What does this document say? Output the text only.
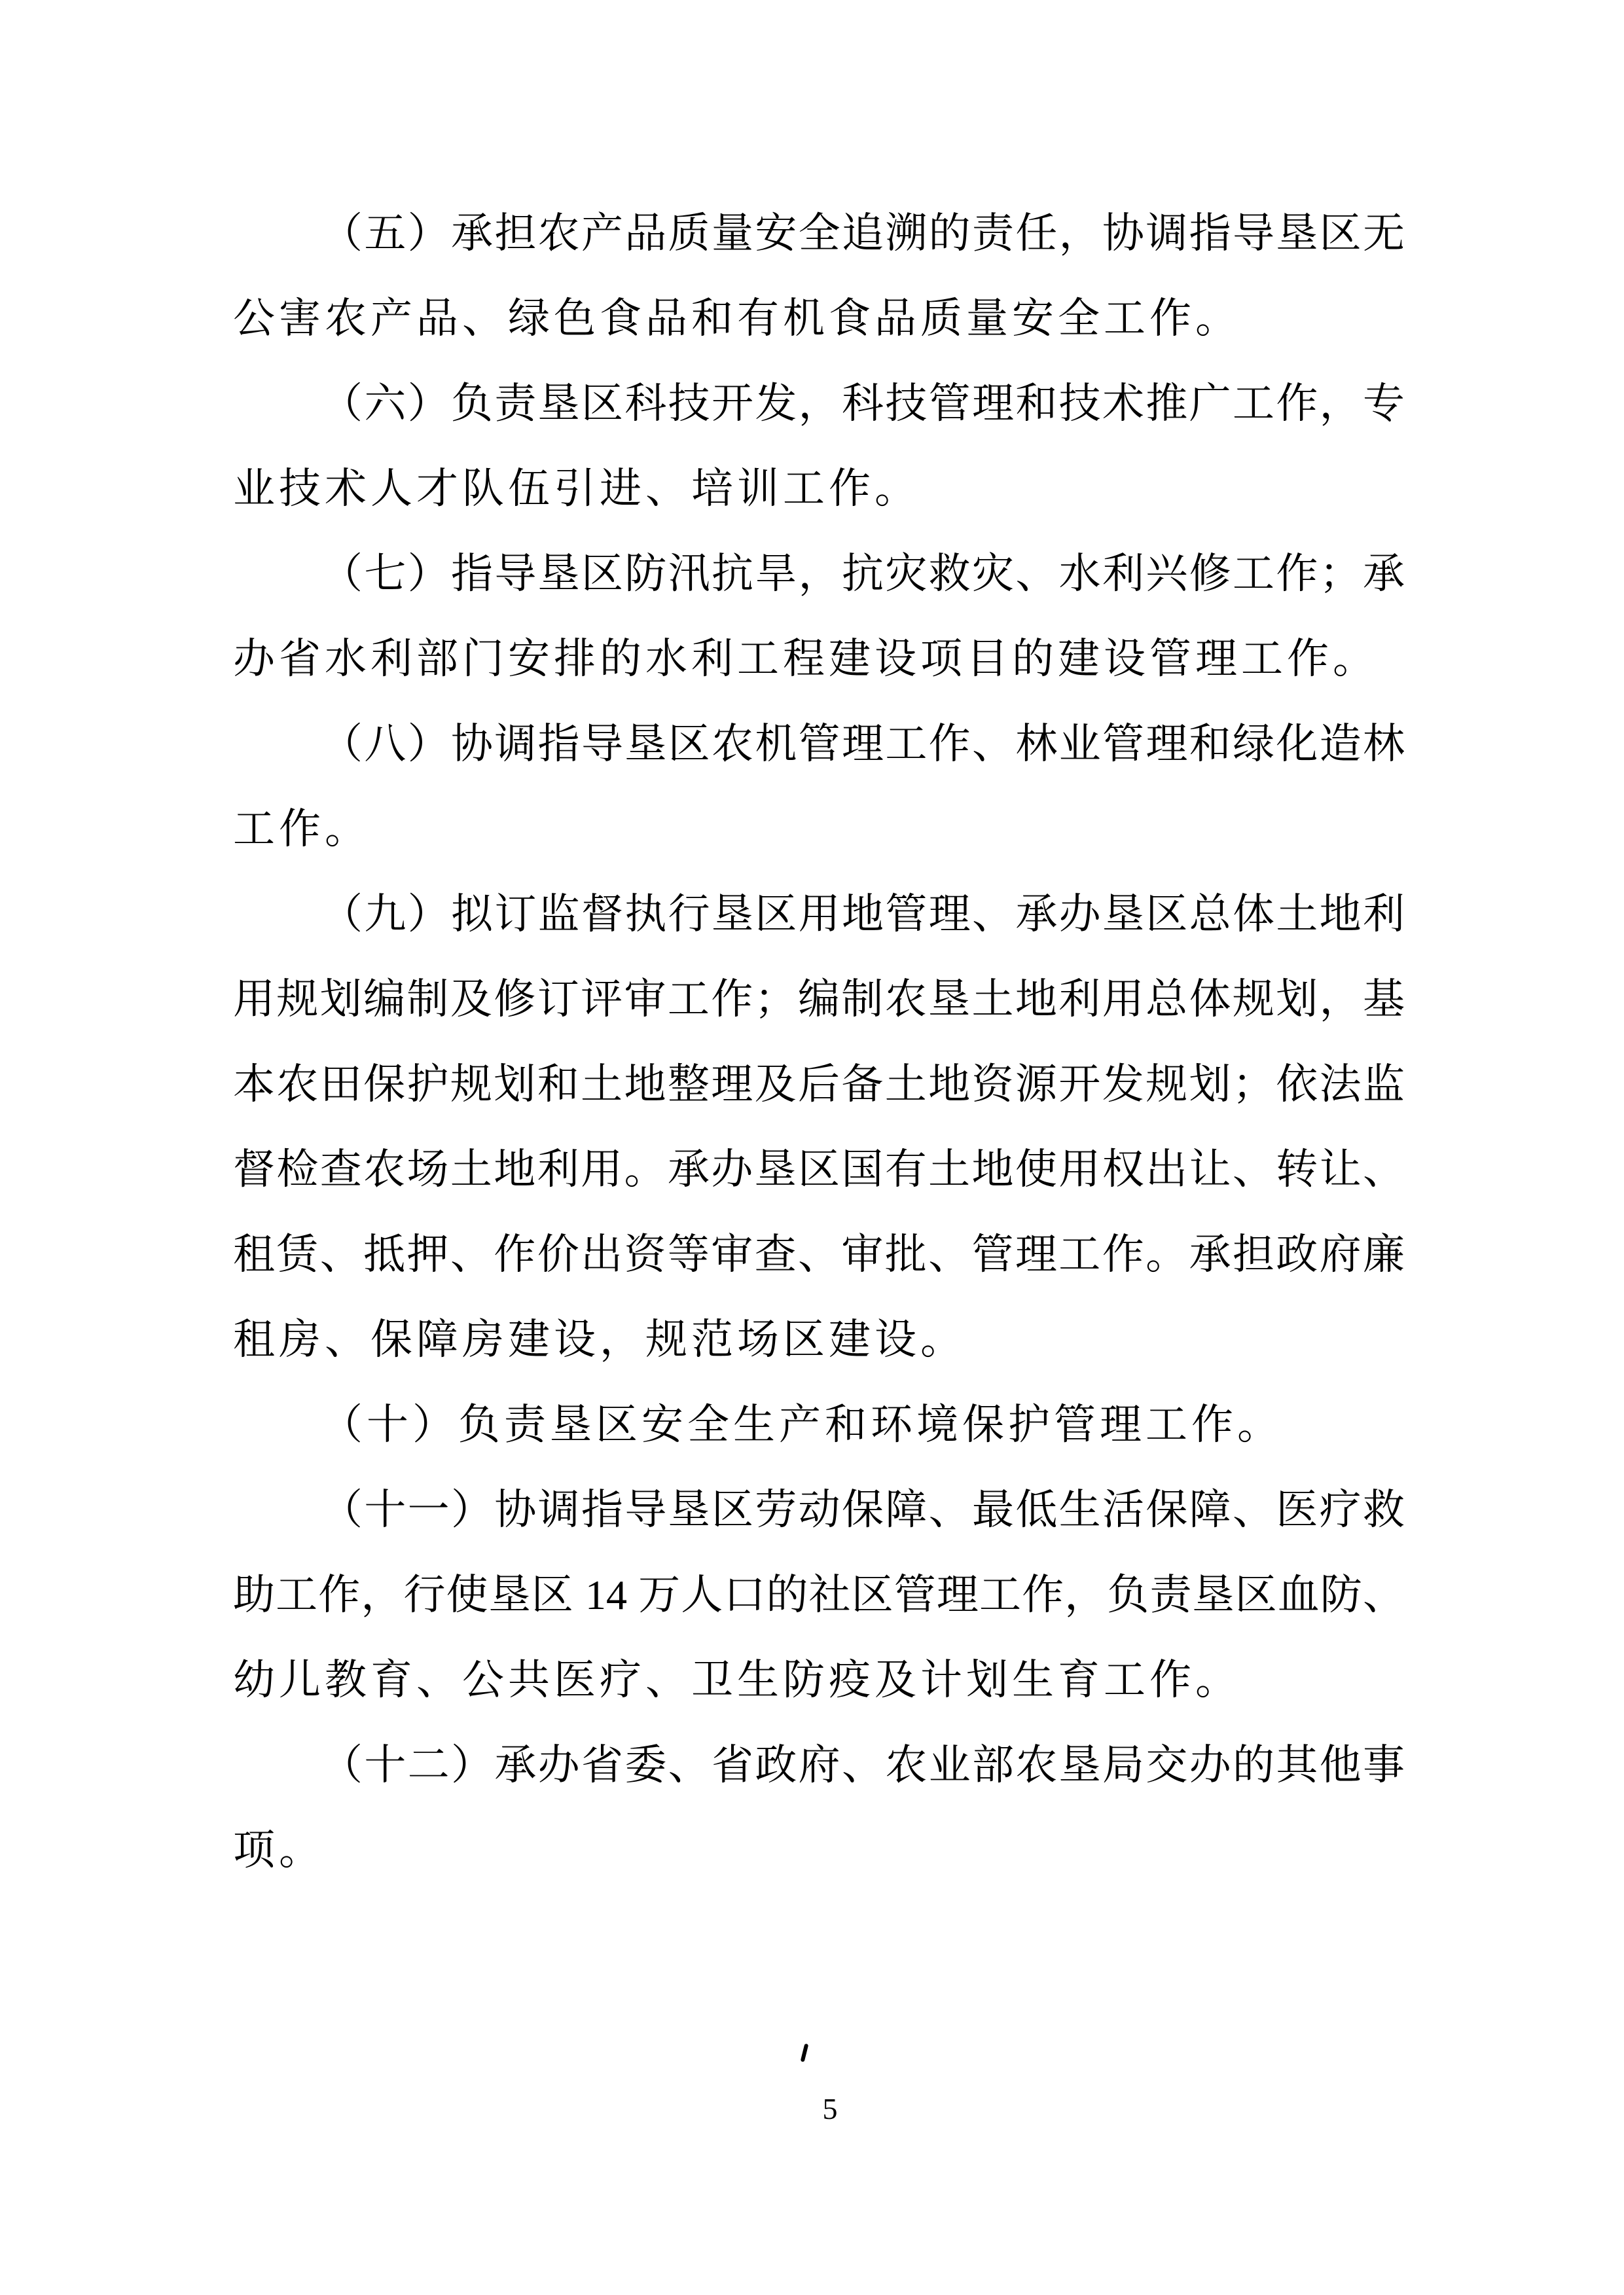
（五）承担农产品质量安全追溯的责任，协调指导垦区无
公害农产品、绿色食品和有机食品质量安全工作。
（六）负责垦区科技开发，科技管理和技术推广工作，专
业技术人才队伍引进、培训工作。
（七）指导垦区防汛抗旱，抗灾救灾、水利兴修工作；承
办省水利部门安排的水利工程建设项目的建设管理工作。
（八）协调指导垦区农机管理工作、林业管理和绿化造林
工作。
（九）拟订监督执行垦区用地管理、承办垦区总体土地利
用规划编制及修订评审工作；编制农垦土地利用总体规划，基
本农田保护规划和土地整理及后备土地资源开发规划；依法监
督检查农场土地利用。承办垦区国有土地使用权出让、转让、
租赁、抵押、作价出资等审查、审批、管理工作。承担政府廉
租房、保障房建设，规范场区建设。
（十）负责垦区安全生产和环境保护管理工作。
（十一）协调指导垦区劳动保障、最低生活保障、医疗救
助工作，行使垦区 14 万人口的社区管理工作，负责垦区血防、
幼儿教育、公共医疗、卫生防疫及计划生育工作。
（十二）承办省委、省政府、农业部农垦局交办的其他事
项。
5
